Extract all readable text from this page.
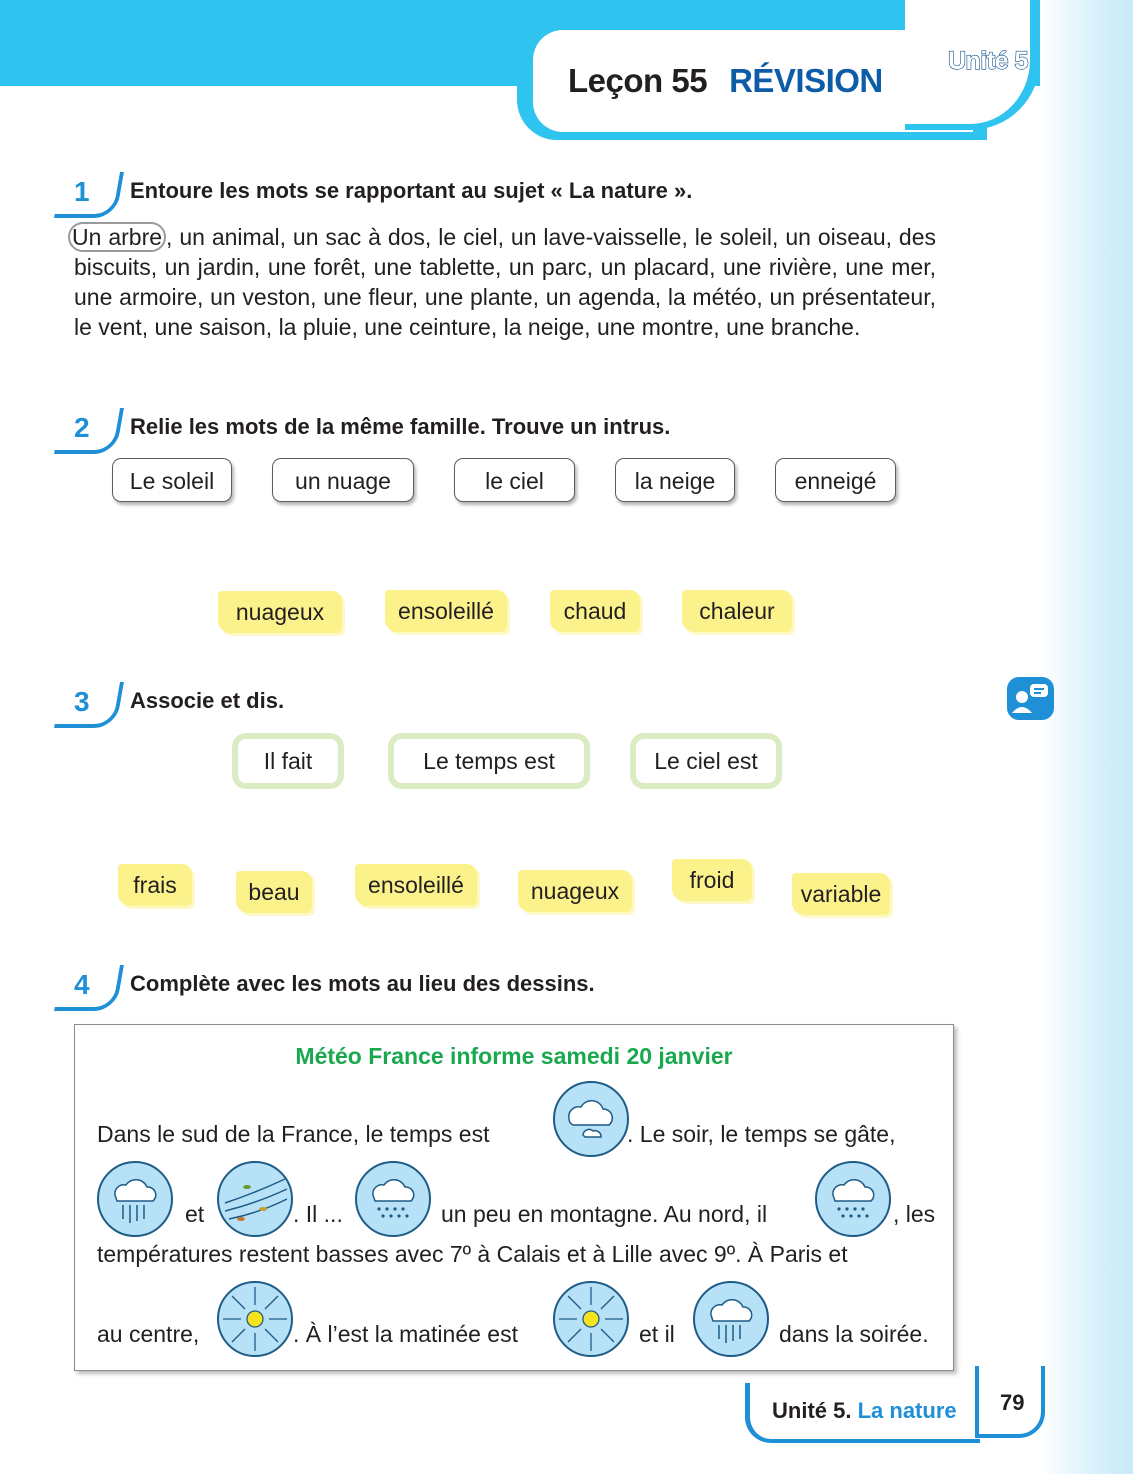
Leçon 55 RÉVISION
Unité 5
1 Entoure les mots se rapportant au sujet « La nature ».
Un arbre , un animal, un sac à dos, le ciel, un lave-vaisselle, le soleil, un oiseau, des biscuits, un jardin, une forêt, une tablette, un parc, un placard, une rivière, une mer, une armoire, un veston, une fleur, une plante, un agenda, la météo, un présentateur, le vent, une saison, la pluie, une ceinture, la neige, une montre, une branche.
2 Relie les mots de la même famille. Trouve un intrus.
Le soleil	un nuage	le ciel	la neige	enneigé
nuageux	ensoleillé	chaud	chaleur
3 Associe et dis.
Il fait	Le temps est	Le ciel est
frais	beau	ensoleillé	nuageux	froid
variable
4 Complète avec les mots au lieu des dessins.
Météo France informe samedi 20 janvier
Dans le sud de la France, le temps est	. Le soir, le temps se gâte,
et	. Il ...	un peu en montagne. Au nord, il	, les
températures restent basses avec 7º à Calais et à Lille avec 9º. À Paris et
au centre,	. À l’est la matinée est	et il	dans la soirée.
Unité 5. La nature 79
